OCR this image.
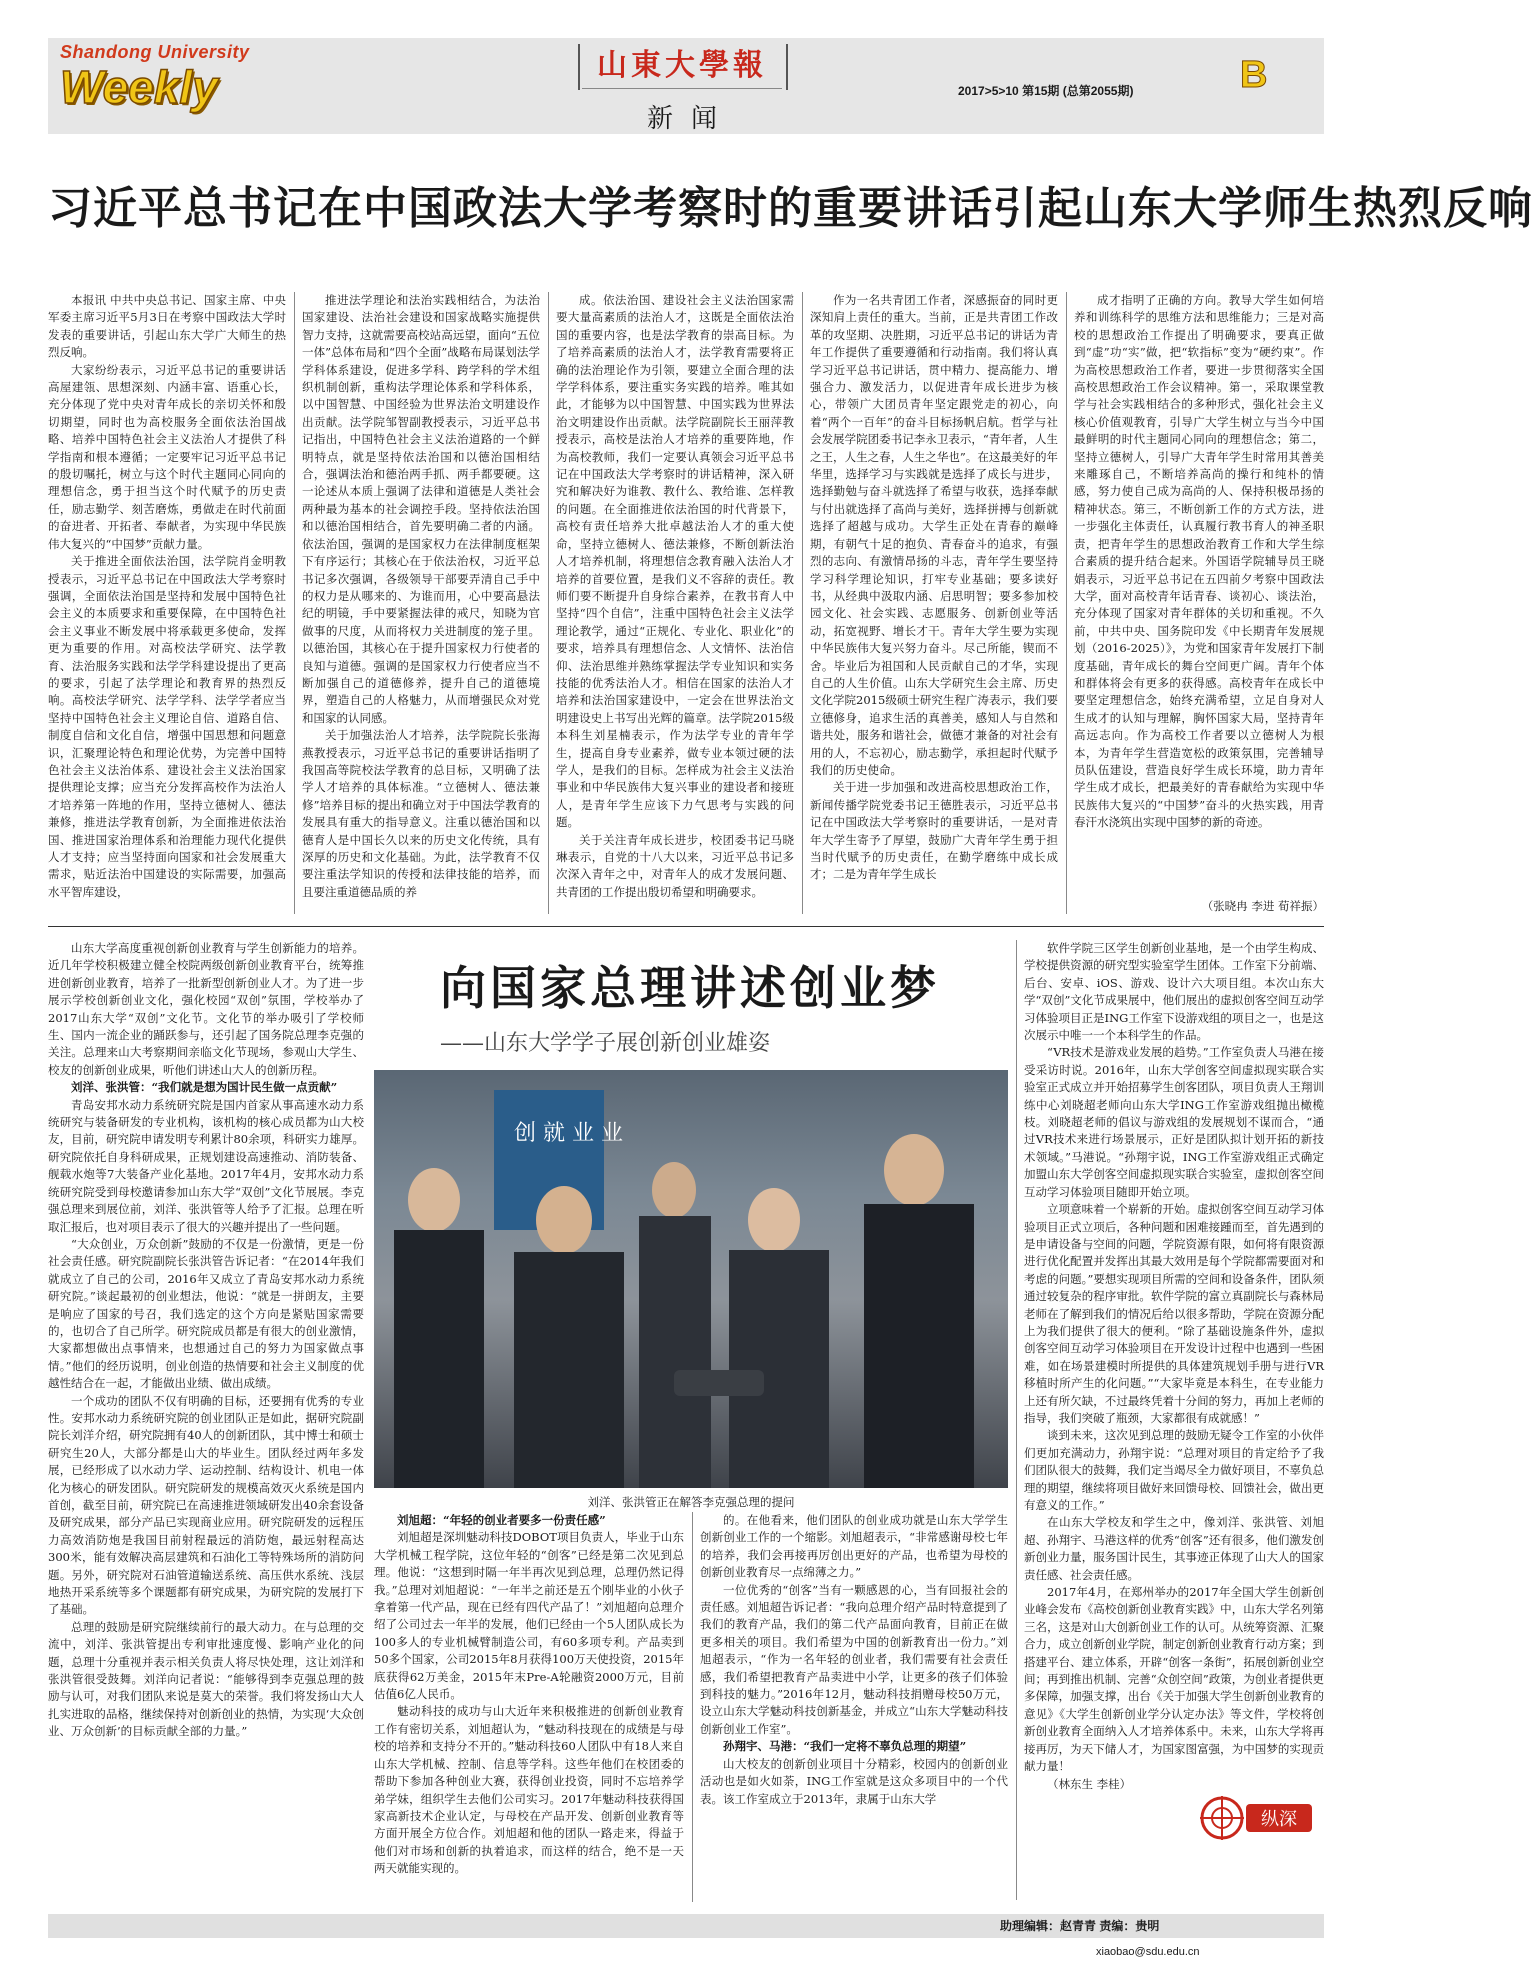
Shandong University
Weekly	山東大學報
新闻
2017>5>10 第15期 (总第2055期)	B
习近平总书记在中国政法大学考察时的重要讲话引起山东大学师生热烈反响

本报讯 中共中央总书记、国家主席、中央军委主席习近平5月3日在考察中国政法大学时发表的重要讲话，引起山东大学广大师生的热烈反响。

大家纷纷表示，习近平总书记的重要讲话高屋建瓴、思想深刻、内涵丰富、语重心长，充分体现了党中央对青年成长的亲切关怀和殷切期望，同时也为高校服务全面依法治国战略、培养中国特色社会主义法治人才提供了科学指南和根本遵循；一定要牢记习近平总书记的殷切嘱托，树立与这个时代主题同心同向的理想信念，勇于担当这个时代赋予的历史责任，励志勤学、刻苦磨炼，勇做走在时代前面的奋进者、开拓者、奉献者，为实现中华民族伟大复兴的“中国梦”贡献力量。

关于推进全面依法治国，法学院肖金明教授表示，习近平总书记在中国政法大学考察时强调，全面依法治国是坚持和发展中国特色社会主义的本质要求和重要保障，在中国特色社会主义事业不断发展中将承载更多使命，发挥更为重要的作用。对高校法学研究、法学教育、法治服务实践和法学学科建设提出了更高的要求，引起了法学理论和教育界的热烈反响。高校法学研究、法学学科、法学学者应当坚持中国特色社会主义理论自信、道路自信、制度自信和文化自信，增强中国思想和问题意识，汇聚理论特色和理论优势，为完善中国特色社会主义法治体系、建设社会主义法治国家提供理论支撑；应当充分发挥高校作为法治人才培养第一阵地的作用，坚持立德树人、德法兼修，推进法学教育创新，为全面推进依法治国、推进国家治理体系和治理能力现代化提供人才支持；应当坚持面向国家和社会发展重大需求，贴近法治中国建设的实际需要，加强高水平智库建设，

推进法学理论和法治实践相结合，为法治国家建设、法治社会建设和国家战略实施提供智力支持，这就需要高校站高远望，面向“五位一体”总体布局和“四个全面”战略布局谋划法学学科体系建设，促进多学科、跨学科的学术组织机制创新，重构法学理论体系和学科体系，以中国智慧、中国经验为世界法治文明建设作出贡献。法学院邹智副教授表示，习近平总书记指出，中国特色社会主义法治道路的一个鲜明特点，就是坚持依法治国和以德治国相结合，强调法治和德治两手抓、两手都要硬。这一论述从本质上强调了法律和道德是人类社会两种最为基本的社会调控手段。坚持依法治国和以德治国相结合，首先要明确二者的内涵。依法治国，强调的是国家权力在法律制度框架下有序运行；其核心在于依法治权，习近平总书记多次强调，各级领导干部要弄清自己手中的权力是从哪来的、为谁而用，心中要高悬法纪的明镜，手中要紧握法律的戒尺，知晓为官做事的尺度，从而将权力关进制度的笼子里。以德治国，其核心在于提升国家权力行使者的良知与道德。强调的是国家权力行使者应当不断加强自己的道德修养，提升自己的道德境界，塑造自己的人格魅力，从而增强民众对党和国家的认同感。

关于加强法治人才培养，法学院院长张海燕教授表示，习近平总书记的重要讲话指明了我国高等院校法学教育的总目标，又明确了法学人才培养的具体标准。“立德树人、德法兼修”培养目标的提出和确立对于中国法学教育的发展具有重大的指导意义。注重以德治国和以德育人是中国长久以来的历史文化传统，具有深厚的历史和文化基础。为此，法学教育不仅要注重法学知识的传授和法律技能的培养，而且要注重道德品质的养

成。依法治国、建设社会主义法治国家需要大量高素质的法治人才，这既是全面依法治国的重要内容，也是法学教育的崇高目标。为了培养高素质的法治人才，法学教育需要将正确的法治理论作为引领，要建立全面合理的法学学科体系，要注重实务实践的培养。唯其如此，才能够为以中国智慧、中国实践为世界法治文明建设作出贡献。法学院副院长王丽萍教授表示，高校是法治人才培养的重要阵地，作为高校教师，我们一定要认真领会习近平总书记在中国政法大学考察时的讲话精神，深入研究和解决好为谁教、教什么、教给谁、怎样教的问题。在全面推进依法治国的时代背景下，高校有责任培养大批卓越法治人才的重大使命，坚持立德树人、德法兼修，不断创新法治人才培养机制，将理想信念教育融入法治人才培养的首要位置，是我们义不容辞的责任。教师们要不断提升自身综合素养，在教书育人中坚持“四个自信”，注重中国特色社会主义法学理论教学，通过“正规化、专业化、职业化”的要求，培养具有理想信念、人文情怀、法治信仰、法治思维并熟练掌握法学专业知识和实务技能的优秀法治人才。相信在国家的法治人才培养和法治国家建设中，一定会在世界法治文明建设史上书写出光辉的篇章。法学院2015级本科生刘星楠表示，作为法学专业的青年学生，提高自身专业素养，做专业本领过硬的法学人，是我们的目标。怎样成为社会主义法治事业和中华民族伟大复兴事业的建设者和接班人，是青年学生应该下力气思考与实践的问题。

关于关注青年成长进步，校团委书记马晓琳表示，自党的十八大以来，习近平总书记多次深入青年之中，对青年人的成才发展问题、共青团的工作提出殷切希望和明确要求。

作为一名共青团工作者，深感振奋的同时更深知肩上责任的重大。当前，正是共青团工作改革的攻坚期、决胜期，习近平总书记的讲话为青年工作提供了重要遵循和行动指南。我们将认真学习近平总书记讲话，贯中精力、提高能力、增强合力、激发活力，以促进青年成长进步为核心，带领广大团员青年坚定跟党走的初心，向着“两个一百年”的奋斗目标扬帆启航。哲学与社会发展学院团委书记李永卫表示，“青年者，人生之王，人生之春，人生之华也”。在这最美好的年华里，选择学习与实践就是选择了成长与进步，选择勤勉与奋斗就选择了希望与收获，选择奉献与付出就选择了高尚与美好，选择拼搏与创新就选择了超越与成功。大学生正处在青春的巅峰期，有朝气十足的抱负、青春奋斗的追求，有强烈的志向、有激情昂扬的斗志，青年学生要坚持学习科学理论知识，打牢专业基础；要多读好书，从经典中汲取内涵、启思明智；要多参加校园文化、社会实践、志愿服务、创新创业等活动，拓宽视野、增长才干。青年大学生要为实现中华民族伟大复兴努力奋斗。尽己所能，锲而不舍。毕业后为祖国和人民贡献自己的才华，实现自己的人生价值。山东大学研究生会主席、历史文化学院2015级硕士研究生程广涛表示，我们要立德修身，追求生活的真善美，感知人与自然和谐共处，服务和谐社会，做德才兼备的对社会有用的人，不忘初心，励志勤学，承担起时代赋予我们的历史使命。

关于进一步加强和改进高校思想政治工作，新闻传播学院党委书记王德胜表示，习近平总书记在中国政法大学考察时的重要讲话，一是对青年大学生寄予了厚望，鼓励广大青年学生勇于担当时代赋予的历史责任，在勤学磨练中成长成才；二是为青年学生成长

成才指明了正确的方向。教导大学生如何培养和训练科学的思维方法和思维能力；三是对高校的思想政治工作提出了明确要求，要真正做到“虚”功“实”做，把“软指标”变为“硬约束”。作为高校思想政治工作者，要进一步贯彻落实全国高校思想政治工作会议精神。第一，采取课堂教学与社会实践相结合的多种形式，强化社会主义核心价值观教育，引导广大学生树立与当今中国最鲜明的时代主题同心同向的理想信念；第二，坚持立德树人，引导广大青年学生时常用其善美来雕琢自己，不断培养高尚的操行和纯朴的情感，努力使自己成为高尚的人、保持积极昂扬的精神状态。第三，不断创新工作的方式方法，进一步强化主体责任，认真履行教书育人的神圣职责，把青年学生的思想政治教育工作和大学生综合素质的提升结合起来。外国语学院辅导员王晓娟表示，习近平总书记在五四前夕考察中国政法大学，面对高校青年话青春、谈初心、谈法治，充分体现了国家对青年群体的关切和重视。不久前，中共中央、国务院印发《中长期青年发展规划（2016-2025）》，为党和国家青年发展打下制度基础，青年成长的舞台空间更广阔。青年个体和群体将会有更多的获得感。高校青年在成长中要坚定理想信念，始终充满希望，立足自身对人生成才的认知与理解，胸怀国家大局，坚持青年高远志向。作为高校工作者要以立德树人为根本，为青年学生营造宽松的政策氛围，完善辅导员队伍建设，营造良好学生成长环境，助力青年学生成才成长，把最美好的青春献给为实现中华民族伟大复兴的“中国梦”奋斗的火热实践，用青春汗水浇筑出实现中国梦的新的奇迹。

（张晓冉 李进 荀祥振）
向国家总理讲述创业梦
——山东大学学子展创新创业雄姿

山东大学高度重视创新创业教育与学生创新能力的培养。近几年学校积极建立健全校院两级创新创业教育平台，统筹推进创新创业教育，培养了一批新型创新创业人才。为了进一步展示学校创新创业文化，强化校园“双创”氛围，学校举办了2017山东大学“双创”文化节。文化节的举办吸引了学校师生、国内一流企业的踊跃参与，还引起了国务院总理李克强的关注。总理来山大考察期间亲临文化节现场，参观山大学生、校友的创新创业成果，听他们讲述山大人的创新历程。

刘洋、张洪管：“我们就是想为国计民生做一点贡献”

青岛安邦水动力系统研究院是国内首家从事高速水动力系统研究与装备研发的专业机构，该机构的核心成员都为山大校友，目前，研究院申请发明专利累计80余项，科研实力雄厚。研究院依托自身科研成果，正规划建设高速推动、消防装备、舰载水炮等7大装备产业化基地。2017年4月，安邦水动力系统研究院受到母校邀请参加山东大学“双创”文化节展展。李克强总理来到展位前，刘洋、张洪管等人给予了汇报。总理在听取汇报后，也对项目表示了很大的兴趣并提出了一些问题。

“大众创业，万众创新”鼓励的不仅是一份激情，更是一份社会责任感。研究院副院长张洪管告诉记者：“在2014年我们就成立了自己的公司，2016年又成立了青岛安邦水动力系统研究院。”谈起最初的创业想法，他说：“就是一拼朗友，主要是响应了国家的号召，我们选定的这个方向是紧贴国家需要的，也切合了自己所学。研究院成员都是有很大的创业激情，大家都想做出点事情来，也想通过自己的努力为国家做点事情。”他们的经历说明，创业创造的热情要和社会主义制度的优越性结合在一起，才能做出业绩、做出成绩。

一个成功的团队不仅有明确的目标，还要拥有优秀的专业性。安邦水动力系统研究院的创业团队正是如此，据研究院副院长刘洋介绍，研究院拥有40人的创新团队，其中博士和硕士研究生20人，大部分都是山大的毕业生。团队经过两年多发展，已经形成了以水动力学、运动控制、结构设计、机电一体化为核心的研发团队。研究院研发的规模高效灭火系统是国内首创，截至目前，研究院已在高速推进领域研发出40余套设备及研究成果，部分产品已实现商业应用。研究院研发的远程压力高效消防炮是我国目前射程最远的消防炮，最远射程高达300米，能有效解决高层建筑和石油化工等特殊场所的消防问题。另外，研究院对石油管道输送系统、高压供水系统、浅层地热开采系统等多个课题都有研究成果，为研究院的发展打下了基础。

总理的鼓励是研究院继续前行的最大动力。在与总理的交流中，刘洋、张洪管提出专利审批速度慢、影响产业化的问题，总理十分重视并表示相关负责人将尽快处理，这让刘洋和张洪管很受鼓舞。刘洋向记者说：“能够得到李克强总理的鼓励与认可，对我们团队来说是莫大的荣誉。我们将发扬山大人扎实进取的品格，继续保持对创新创业的热情，为实现‘大众创业、万众创新’的目标贡献全部的力量。”

软件学院三区学生创新创业基地，是一个由学生构成、学校提供资源的研究型实验室学生团体。工作室下分前端、后台、安卓、iOS、游戏、设计六大项目组。本次山东大学“双创”文化节成果展中，他们展出的虚拟创客空间互动学习体验项目正是ING工作室下设游戏组的项目之一，也是这次展示中唯一一个本科学生的作品。

“VR技术是游戏业发展的趋势。”工作室负责人马港在接受采访时说。2016年，山东大学创客空间虚拟现实联合实验室正式成立并开始招募学生创客团队，项目负责人王翔训练中心刘晓超老师向山东大学ING工作室游戏组抛出橄榄枝。刘晓超老师的倡议与游戏组的发展规划不谋而合，“通过VR技术来进行场景展示，正好是团队拟计划开拓的新技术领域。”马港说。“孙翔宇说，ING工作室游戏组正式确定加盟山东大学创客空间虚拟现实联合实验室，虚拟创客空间互动学习体验项目随即开始立项。

立项意味着一个崭新的开始。虚拟创客空间互动学习体验项目正式立项后，各种问题和困难接踵而至，首先遇到的是申请设备与空间的问题，学院资源有限，如何将有限资源进行优化配置并发挥出其最大效用是每个学院都需要面对和考虑的问题。”要想实现项目所需的空间和设备条件，团队须通过较复杂的程序审批。软件学院的富立真副院长与森林局老师在了解到我们的情况后给以很多帮助，学院在资源分配上为我们提供了很大的便利。“除了基础设施条件外，虚拟创客空间互动学习体验项目在开发设计过程中也遇到一些困难，如在场景建模时所提供的具体建筑规划手册与进行VR移植时所产生的化问题。”“大家毕竟是本科生，在专业能力上还有所欠缺，不过最终凭着十分间的努力，再加上老师的指导，我们突破了瓶颈，大家都很有成就感！”

谈到未来，这次见到总理的鼓励无疑令工作室的小伙伴们更加充满动力，孙翔宇说：“总理对项目的肯定给予了我们团队很大的鼓舞，我们定当竭尽全力做好项目，不辜负总理的期望，继续将项目做好来回馈母校、回馈社会，做出更有意义的工作。”

在山东大学校友和学生之中，像刘洋、张洪管、刘旭超、孙翔宇、马港这样的优秀“创客”还有很多，他们激发创新创业力量，服务国计民生，其事迹正体现了山大人的国家责任感、社会责任感。

2017年4月，在郑州举办的2017年全国大学生创新创业峰会发布《高校创新创业教育实践》中，山东大学名列第三名，这是对山大创新创业工作的认可。从统筹资源、汇聚合力，成立创新创业学院，制定创新创业教育行动方案；到搭建平台、建立体系，开辟“创客一条街”，拓展创新创业空间；再到推出机制、完善“众创空间”政策，为创业者提供更多保障，加强支撑，出台《关于加强大学生创新创业教育的意见》《大学生创新创业学分认定办法》等文件，学校将创新创业教育全面纳入人才培养体系中。未来，山东大学将再接再厉，为天下储人才，为国家图富强，为中国梦的实现贡献力量！

（林东生 李桂）

创 就 业 业
刘洋、张洪管正在解答李克强总理的提问

刘旭超：“年轻的创业者要多一份责任感”

刘旭超是深圳魅动科技DOBOT项目负责人，毕业于山东大学机械工程学院，这位年轻的“创客”已经是第二次见到总理。他说：“这想到时隔一年半再次见到总理，总理仍然记得我。”总理对刘旭超说：“一年半之前还是五个刚毕业的小伙子拿着第一代产品，现在已经有四代产品了！”刘旭超向总理介绍了公司过去一年半的发展，他们已经由一个5人团队成长为100多人的专业机械臂制造公司，有60多项专利。产品卖到50多个国家，公司2015年8月获得100万天使投资，2015年底获得62万美金，2015年末Pre-A轮融资2000万元，目前估值6亿人民币。

魅动科技的成功与山大近年来积极推进的创新创业教育工作有密切关系，刘旭超认为，“魅动科技现在的成绩是与母校的培养和支持分不开的。”魅动科技60人团队中有18人来自山东大学机械、控制、信息等学科。这些年他们在校团委的帮助下参加各种创业大赛，获得创业投资，同时不忘培养学弟学妹，组织学生去他们公司实习。2017年魅动科技获得国家高新技术企业认定，与母校在产品开发、创新创业教育等方面开展全方位合作。刘旭超和他的团队一路走来，得益于他们对市场和创新的执着追求，而这样的结合，绝不是一天两天就能实现的。

的。在他看来，他们团队的创业成功就是山东大学学生创新创业工作的一个缩影。刘旭超表示，“非常感谢母校七年的培养，我们会再接再厉创出更好的产品，也希望为母校的创新创业教育尽一点绵薄之力。”

一位优秀的“创客”当有一颗感恩的心，当有回报社会的责任感。刘旭超告诉记者：“我向总理介绍产品时特意提到了我们的教育产品，我们的第二代产品面向教育，目前正在做更多相关的项目。我们希望为中国的创新教育出一份力。”刘旭超表示，“作为一名年轻的创业者，我们需要有社会责任感，我们希望把教育产品卖进中小学，让更多的孩子们体验到科技的魅力。”2016年12月，魅动科技捐赠母校50万元，设立山东大学魅动科技创新基金，并成立“山东大学魅动科技创新创业工作室”。

孙翔宇、马港：“我们一定将不辜负总理的期望”

山大校友的创新创业项目十分精彩，校园内的创新创业活动也是如火如荼，ING工作室就是这众多项目中的一个代表。该工作室成立于2013年，隶属于山东大学

纵深
助理编辑：赵青青 责编：贵明
xiaobao@sdu.edu.cn
